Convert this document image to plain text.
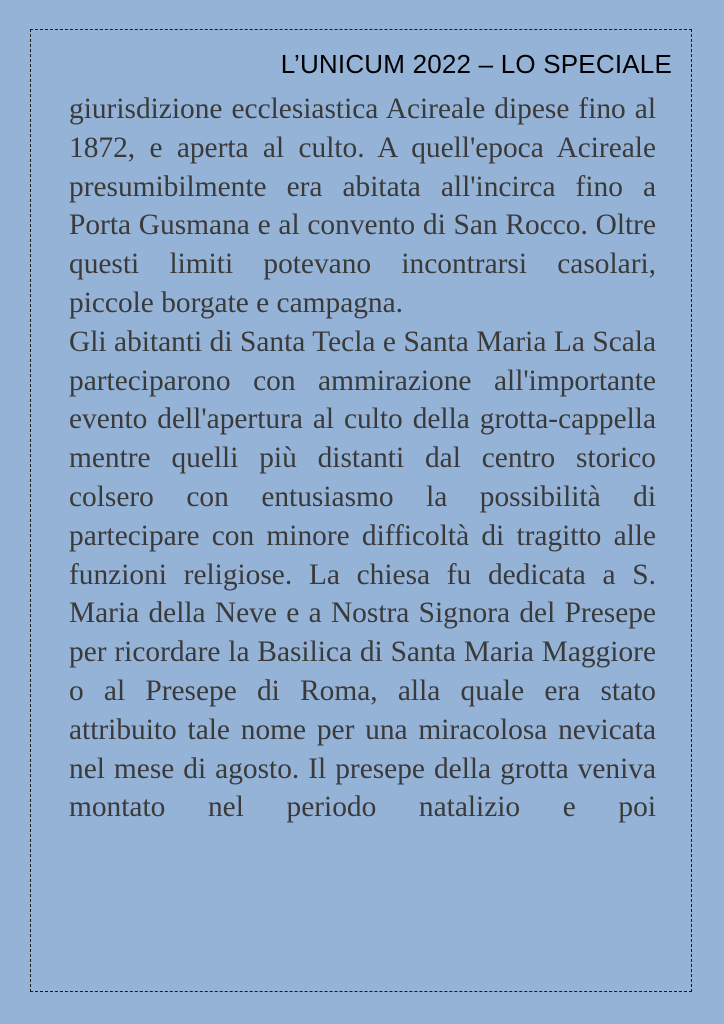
L’UNICUM 2022 – LO SPECIALE

giurisdizione ecclesiastica Acireale dipese fino al 1872, e aperta al culto. A quell'epoca Acireale presumibilmente era abitata all'incirca fino a Porta Gusmana e al convento di San Rocco. Oltre questi limiti potevano incontrarsi casolari, piccole borgate e campagna.

Gli abitanti di Santa Tecla e Santa Maria La Scala parteciparono con ammirazione all'importante evento dell'apertura al culto della grotta-cappella mentre quelli più distanti dal centro storico colsero con entusiasmo la possibilità di partecipare con minore difficoltà di tragitto alle funzioni religiose. La chiesa fu dedicata a S. Maria della Neve e a Nostra Signora del Presepe per ricordare la Basilica di Santa Maria Maggiore o al Presepe di Roma, alla quale era stato attribuito tale nome per una miracolosa nevicata nel mese di agosto. Il presepe della grotta veniva montato nel periodo natalizio e poi
